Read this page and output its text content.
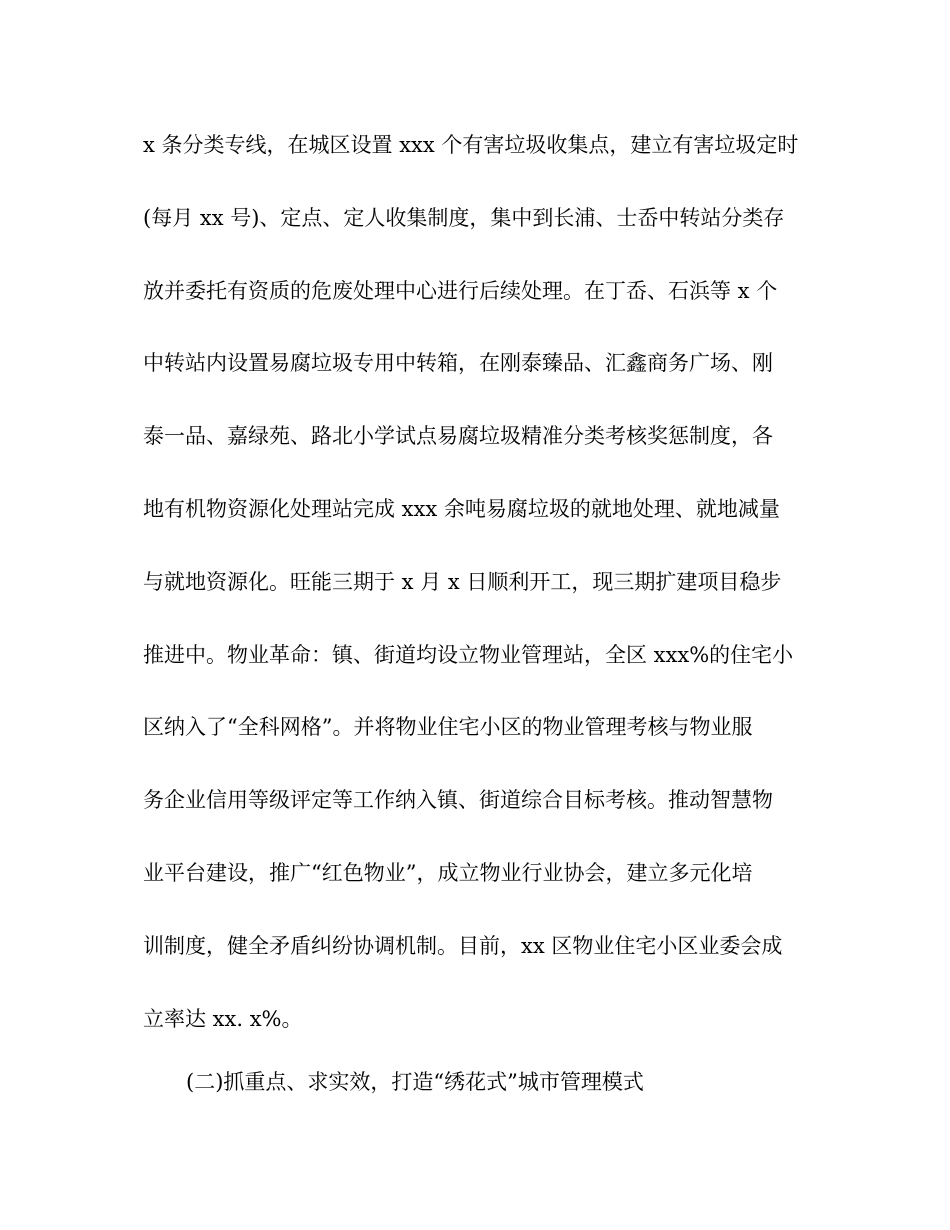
x 条分类专线，在城区设置 xxx 个有害垃圾收集点，建立有害垃圾定时
(每月 xx 号)、定点、定人收集制度，集中到长浦、士岙中转站分类存
放并委托有资质的危废处理中心进行后续处理。在丁岙、石浜等 x 个
中转站内设置易腐垃圾专用中转箱，在刚泰臻品、汇鑫商务广场、刚
泰一品、嘉绿苑、路北小学试点易腐垃圾精准分类考核奖惩制度，各
地有机物资源化处理站完成 xxx 余吨易腐垃圾的就地处理、就地减量
与就地资源化。旺能三期于 x 月 x 日顺利开工，现三期扩建项目稳步
推进中。物业革命：镇、街道均设立物业管理站，全区 xxx%的住宅小
区纳入了“全科网格”。并将物业住宅小区的物业管理考核与物业服
务企业信用等级评定等工作纳入镇、街道综合目标考核。推动智慧物
业平台建设，推广“红色物业”，成立物业行业协会，建立多元化培
训制度，健全矛盾纠纷协调机制。目前，xx 区物业住宅小区业委会成
立率达 xx. x%。
(二)抓重点、求实效，打造“绣花式”城市管理模式
